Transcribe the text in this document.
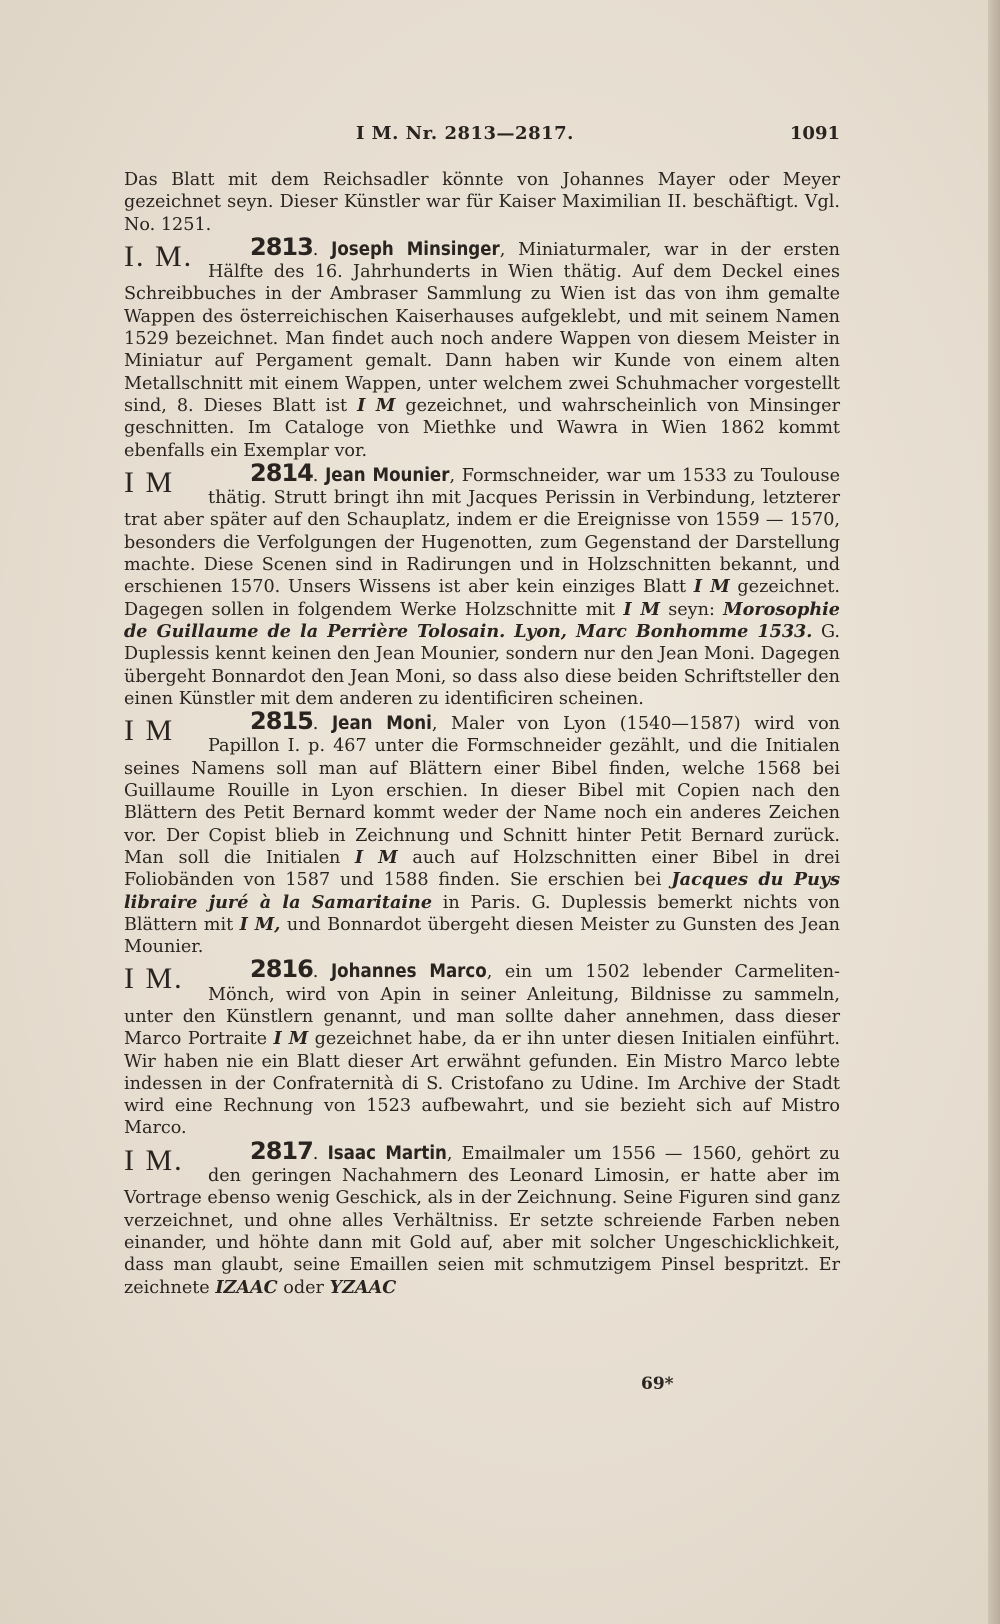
I M. Nr. 2813—2817.	1091

Das Blatt mit dem Reichsadler könnte von Johannes Mayer oder Meyer gezeichnet seyn. Dieser Künstler war für Kaiser Maximilian II. beschäftigt. Vgl. No. 1251.

I. M. 2813. Joseph Minsinger, Miniaturmaler, war in der ersten Hälfte des 16. Jahrhunderts in Wien thätig. Auf dem Deckel eines Schreibbuches in der Ambraser Sammlung zu Wien ist das von ihm gemalte Wappen des österreichischen Kaiserhauses aufgeklebt, und mit seinem Namen 1529 bezeichnet. Man findet auch noch andere Wappen von diesem Meister in Miniatur auf Pergament gemalt. Dann haben wir Kunde von einem alten Metallschnitt mit einem Wappen, unter welchem zwei Schuhmacher vorgestellt sind, 8. Dieses Blatt ist I M gezeichnet, und wahrscheinlich von Minsinger geschnitten. Im Cataloge von Miethke und Wawra in Wien 1862 kommt ebenfalls ein Exemplar vor.

I M	2814. Jean Mounier, Formschneider, war um 1533 zu Toulouse thätig. Strutt bringt ihn mit Jacques Perissin in Verbindung, letzterer trat aber später auf den Schauplatz, indem er die Ereignisse von 1559 — 1570, besonders die Verfolgungen der Hugenotten, zum Gegenstand der Darstellung machte. Diese Scenen sind in Radirungen und in Holzschnitten bekannt, und erschienen 1570. Unsers Wissens ist aber kein einziges Blatt I M gezeichnet. Dagegen sollen in folgendem Werke Holzschnitte mit I M seyn: Morosophie de Guillaume de la Perrière Tolosain. Lyon, Marc Bonhomme 1533. G. Duplessis kennt keinen den Jean Mounier, sondern nur den Jean Moni. Dagegen übergeht Bonnardot den Jean Moni, so dass also diese beiden Schriftsteller den einen Künstler mit dem anderen zu identificiren scheinen.

I M	2815. Jean Moni, Maler von Lyon (1540—1587) wird von Papillon I. p. 467 unter die Formschneider gezählt, und die Initialen seines Namens soll man auf Blättern einer Bibel finden, welche 1568 bei Guillaume Rouille in Lyon erschien. In dieser Bibel mit Copien nach den Blättern des Petit Bernard kommt weder der Name noch ein anderes Zeichen vor. Der Copist blieb in Zeichnung und Schnitt hinter Petit Bernard zurück. Man soll die Initialen I M auch auf Holzschnitten einer Bibel in drei Foliobänden von 1587 und 1588 finden. Sie erschien bei Jacques du Puys libraire juré à la Samaritaine in Paris. G. Duplessis bemerkt nichts von Blättern mit I M, und Bonnardot übergeht diesen Meister zu Gunsten des Jean Mounier.

I M.	2816. Johannes Marco, ein um 1502 lebender Carmeliten-Mönch, wird von Apin in seiner Anleitung, Bildnisse zu sammeln, unter den Künstlern genannt, und man sollte daher annehmen, dass dieser Marco Portraite I M gezeichnet habe, da er ihn unter diesen Initialen einführt. Wir haben nie ein Blatt dieser Art erwähnt gefunden. Ein Mistro Marco lebte indessen in der Confraternità di S. Cristofano zu Udine. Im Archive der Stadt wird eine Rechnung von 1523 aufbewahrt, und sie bezieht sich auf Mistro Marco.

I M.	2817. Isaac Martin, Emailmaler um 1556 — 1560, gehört zu den geringen Nachahmern des Leonard Limosin, er hatte aber im Vortrage ebenso wenig Geschick, als in der Zeichnung. Seine Figuren sind ganz verzeichnet, und ohne alles Verhältniss. Er setzte schreiende Farben neben einander, und höhte dann mit Gold auf, aber mit solcher Ungeschicklichkeit, dass man glaubt, seine Emaillen seien mit schmutzigem Pinsel bespritzt. Er zeichnete IZAAC oder YZAAC

69*
